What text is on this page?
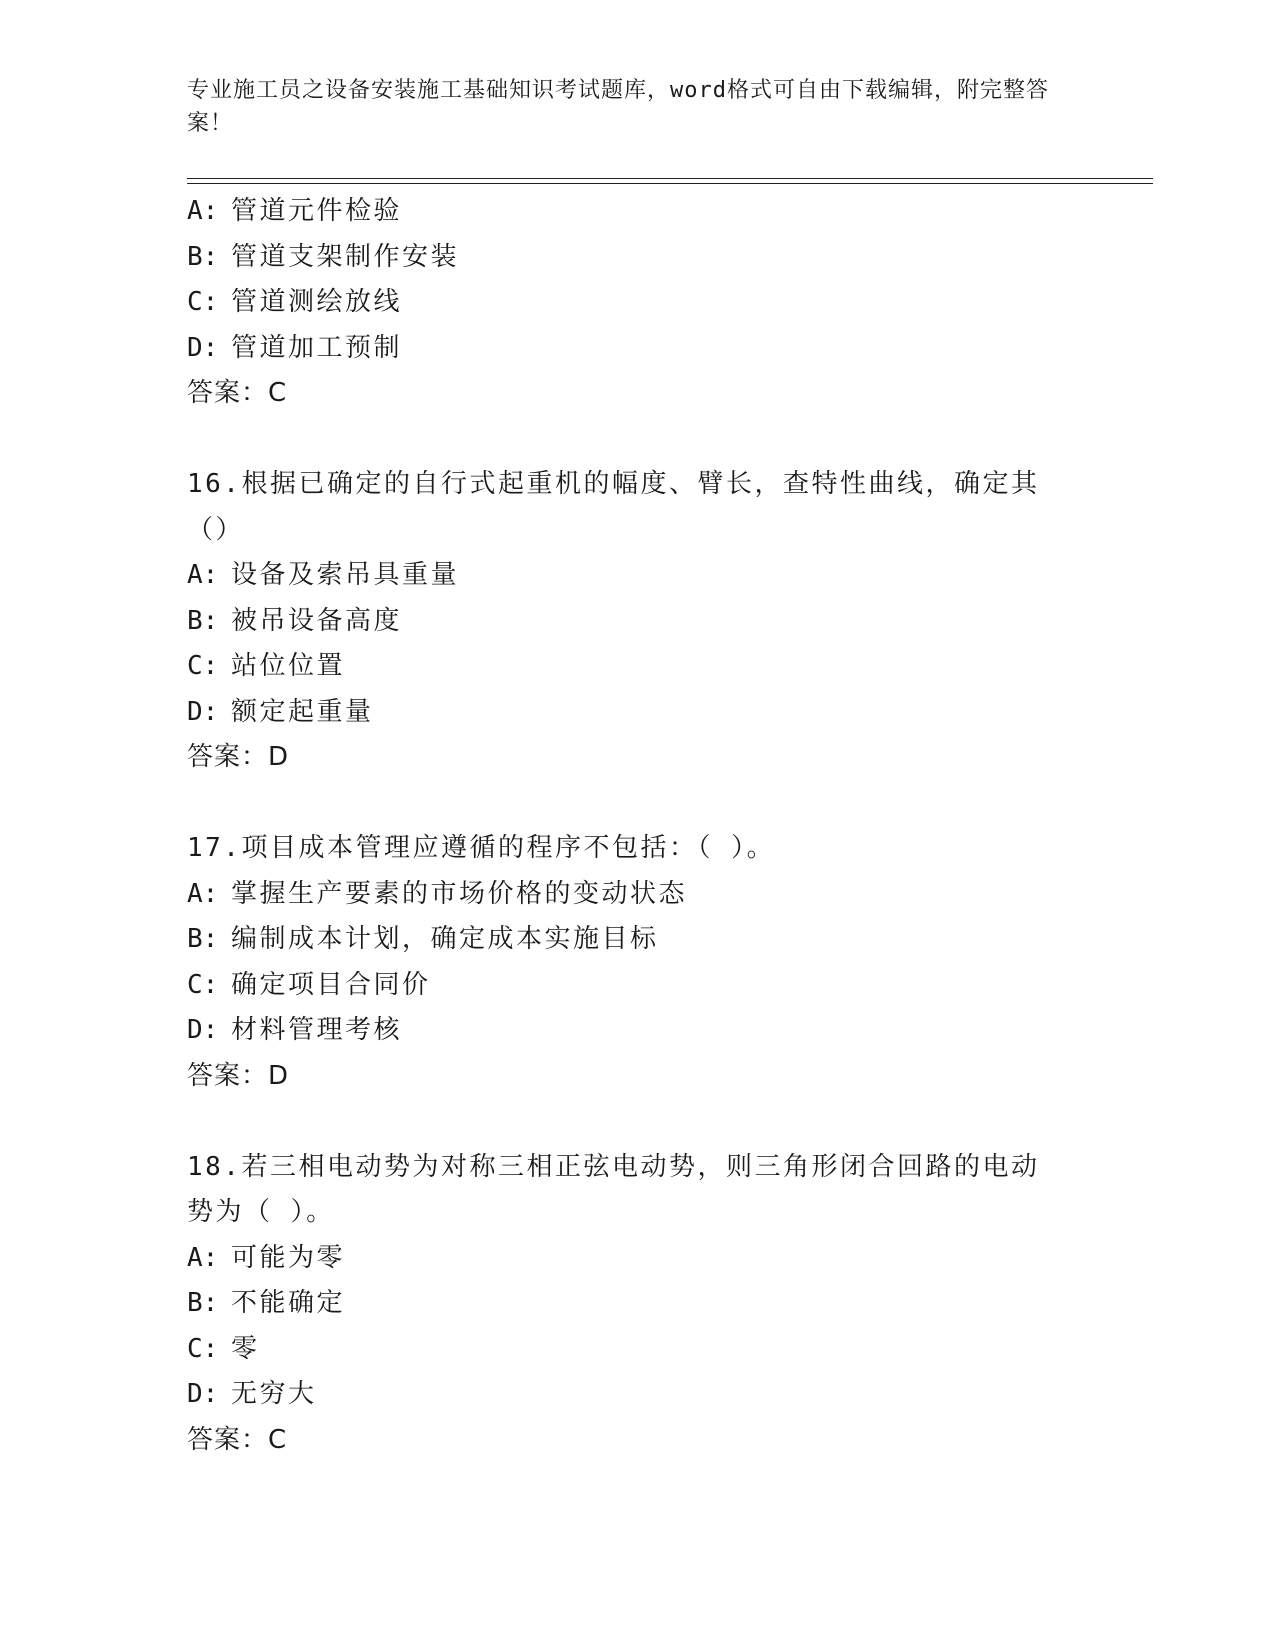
专业施工员之设备安装施工基础知识考试题库，word格式可自由下载编辑，附完整答案！
A: 管道元件检验
B: 管道支架制作安装
C: 管道测绘放线
D: 管道加工预制
答案：C
16.根据已确定的自行式起重机的幅度、臂长，查特性曲线，确定其（）
A: 设备及索吊具重量
B: 被吊设备高度
C: 站位位置
D: 额定起重量
答案：D
17.项目成本管理应遵循的程序不包括：（ ）。
A: 掌握生产要素的市场价格的变动状态
B: 编制成本计划，确定成本实施目标
C: 确定项目合同价
D: 材料管理考核
答案：D
18.若三相电动势为对称三相正弦电动势，则三角形闭合回路的电动势为（ ）。
A: 可能为零
B: 不能确定
C: 零
D: 无穷大
答案：C
